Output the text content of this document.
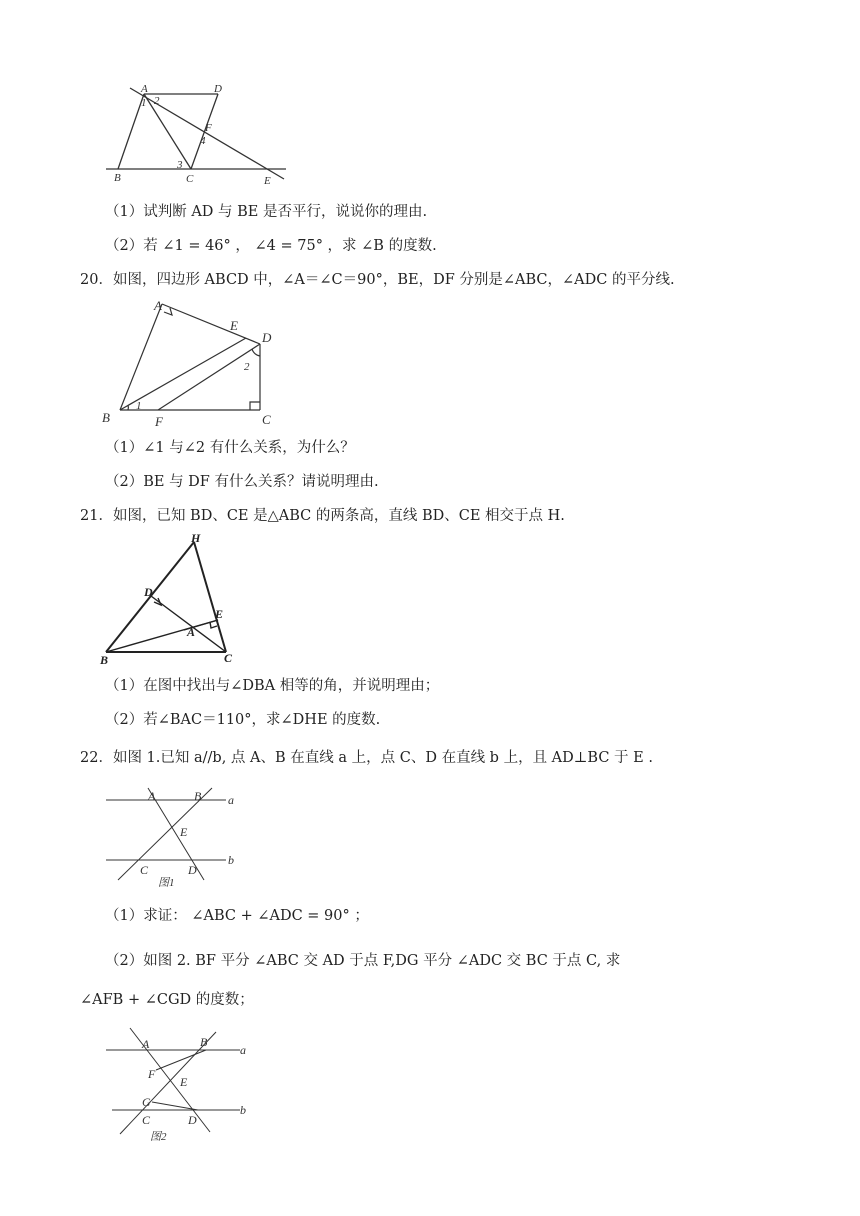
A	D
B	C	E
F
1 2
3
4
（1）试判断 AD 与 BE 是否平行，说说你的理由.
（2）若 ∠1 = 46° ， ∠4 = 75° ，求 ∠B 的度数.
20．如图，四边形 ABCD 中，∠A＝∠C＝90°，BE，DF 分别是∠ABC，∠ADC 的平分线.
A
E
D
B	F	C
1
2
（1）∠1 与∠2 有什么关系，为什么？
（2）BE 与 DF 有什么关系？请说明理由.
21．如图，已知 BD、CE 是△ABC 的两条高，直线 BD、CE 相交于点 H.
H
D
E
A
B	C
（1）在图中找出与∠DBA 相等的角，并说明理由；
（2）若∠BAC＝110°，求∠DHE 的度数.
22．如图 1.已知 a//b, 点 A、B 在直线 a 上，点 C、D 在直线 b 上，且 AD⊥BC 于 E .
A	B a
E
C	D
b
图1
（1）求证： ∠ABC + ∠ADC = 90° ；
（2）如图 2. BF 平分 ∠ABC 交 AD 于点 F,DG 平分 ∠ADC 交 BC 于点 C, 求
∠AFB + ∠CGD 的度数；
A	B
a
F
E
G
C	D
b
图2
